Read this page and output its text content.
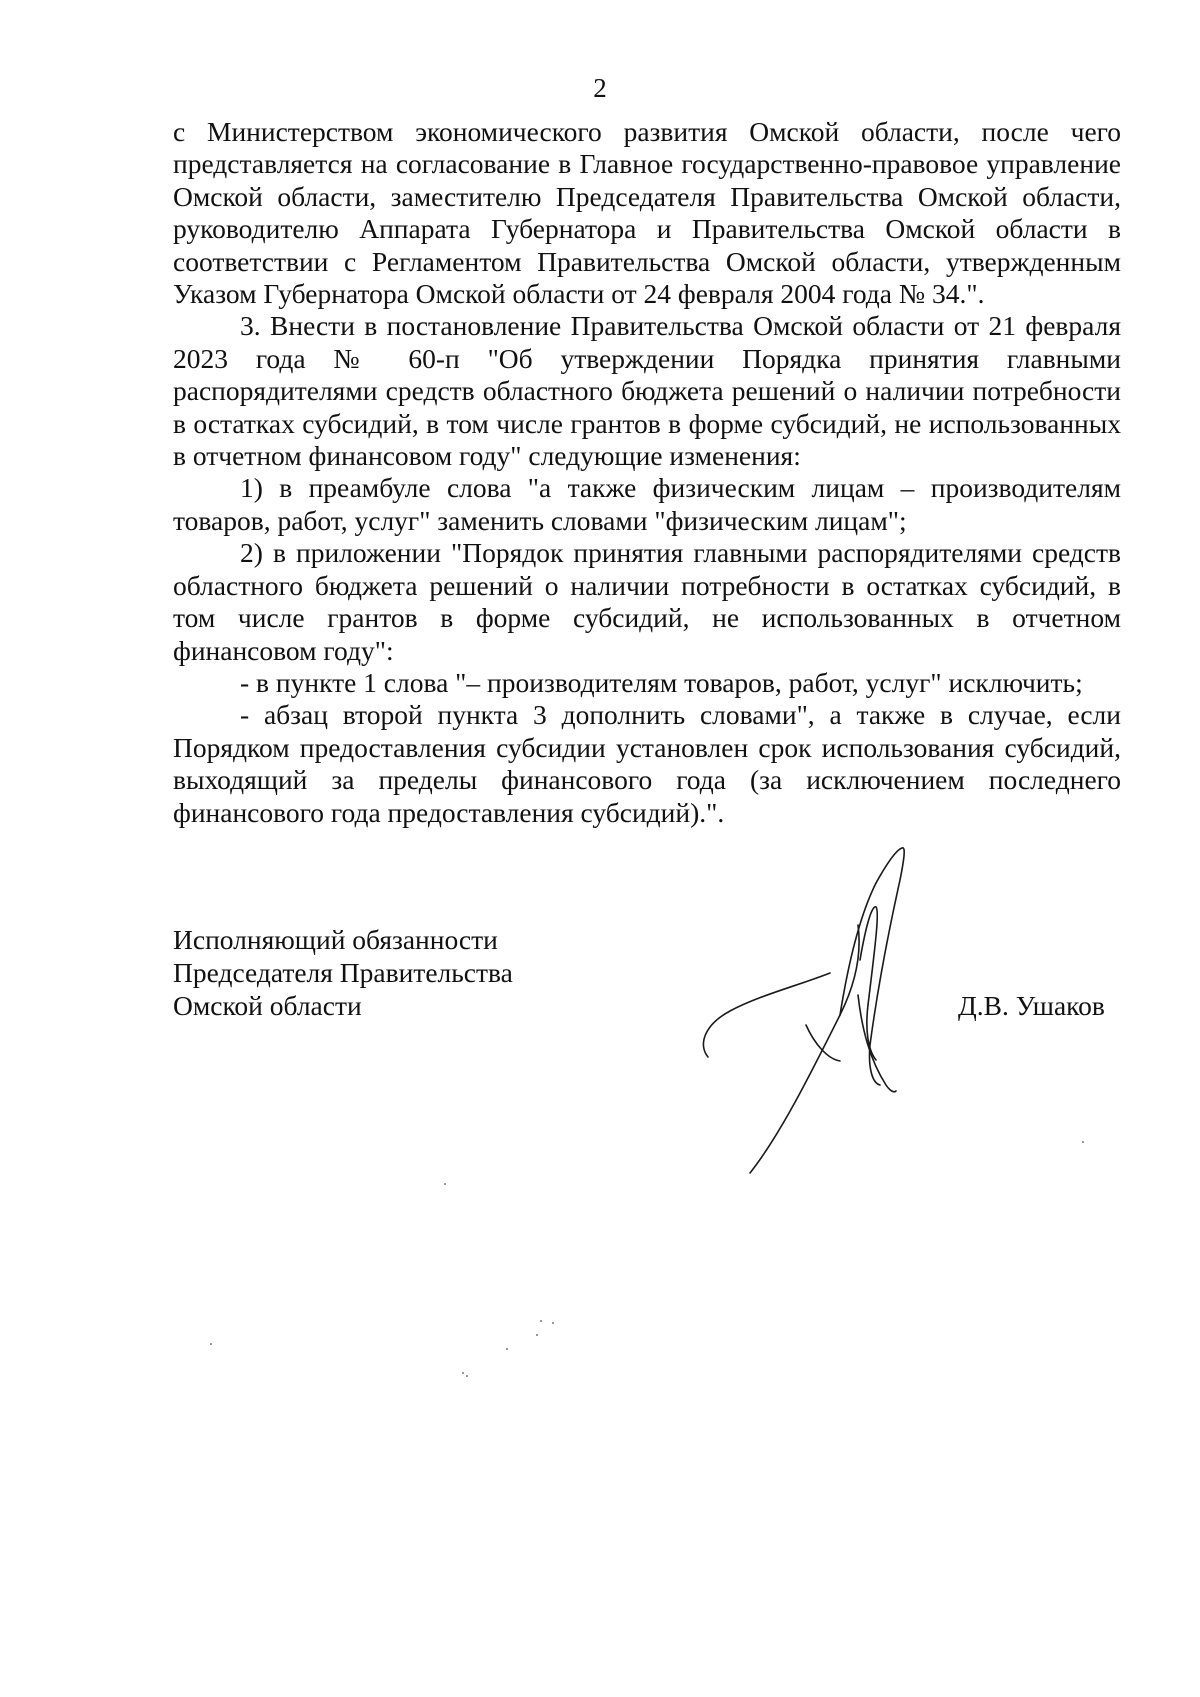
2

с Министерством экономического развития Омской области, после чего представляется на согласование в Главное государственно-правовое управление Омской области, заместителю Председателя Правительства Омской области, руководителю Аппарата Губернатора и Правительства Омской области в соответствии с Регламентом Правительства Омской области, утвержденным Указом Губернатора Омской области от 24 февраля 2004 года № 34.".

3. Внести в постановление Правительства Омской области от 21 февраля 2023 года № 60-п "Об утверждении Порядка принятия главными распорядителями средств областного бюджета решений о наличии потребности в остатках субсидий, в том числе грантов в форме субсидий, не использованных в отчетном финансовом году" следующие изменения:

1) в преамбуле слова "а также физическим лицам – производителям товаров, работ, услуг" заменить словами "физическим лицам";

2) в приложении "Порядок принятия главными распорядителями средств областного бюджета решений о наличии потребности в остатках субсидий, в том числе грантов в форме субсидий, не использованных в отчетном финансовом году":

- в пункте 1 слова "– производителям товаров, работ, услуг" исключить;

- абзац второй пункта 3 дополнить словами", а также в случае, если Порядком предоставления субсидии установлен срок использования субсидий, выходящий за пределы финансового года (за исключением последнего финансового года предоставления субсидий).".

Исполняющий обязанности
Председателя Правительства
Омской области	Д.В. Ушаков
